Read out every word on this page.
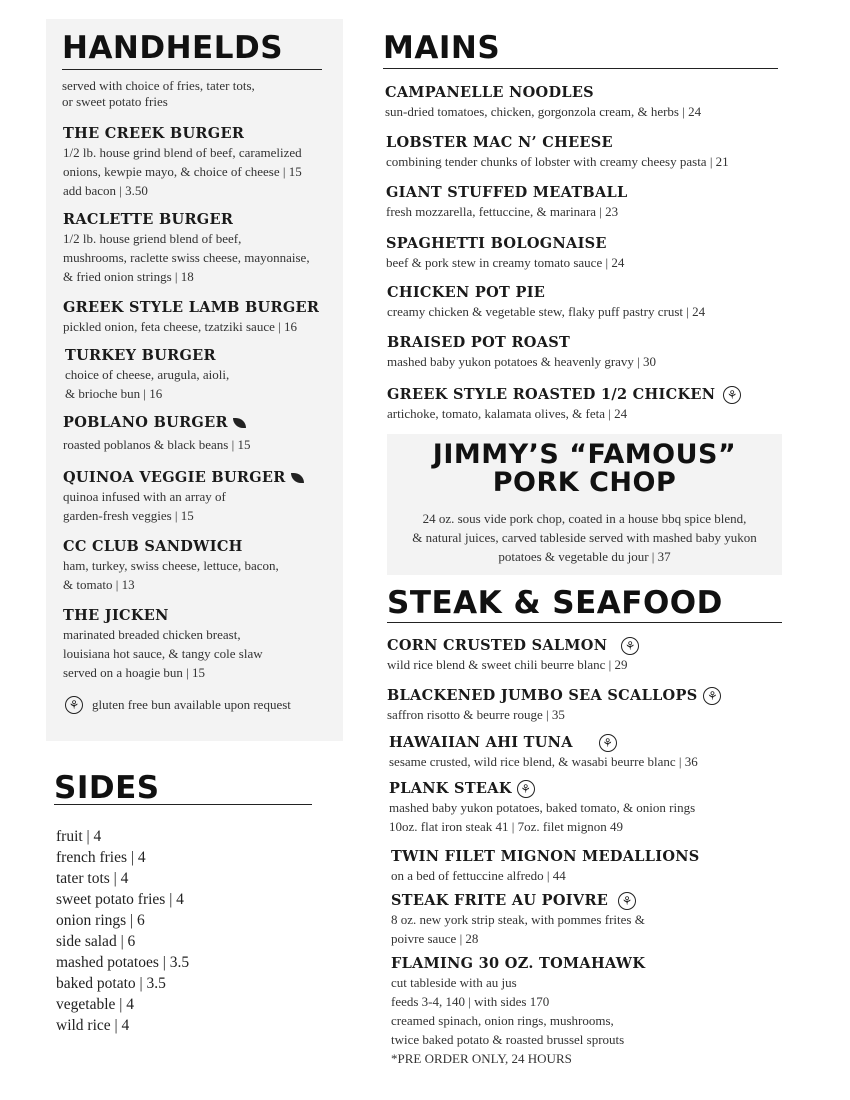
HANDHELDS

served with choice of fries, tater tots,
or sweet potato fries

THE CREEK BURGER

1/2 lb. house grind blend of beef, caramelized

onions, kewpie mayo, & choice of cheese | 15

add bacon | 3.50

RACLETTE BURGER

1/2 lb. house griend blend of beef,

mushrooms, raclette swiss cheese, mayonnaise,

& fried onion strings | 18

GREEK STYLE LAMB BURGER

pickled onion, feta cheese, tzatziki sauce | 16

TURKEY BURGER

choice of cheese, arugula, aioli,

& brioche bun | 16

POBLANO BURGER

roasted poblanos & black beans | 15

QUINOA VEGGIE BURGER

quinoa infused with an array of

garden-fresh veggies | 15

CC CLUB SANDWICH

ham, turkey, swiss cheese, lettuce, bacon,

& tomato | 13

THE JICKEN

marinated breaded chicken breast,

louisiana hot sauce, & tangy cole slaw

served on a hoagie bun | 15

⚘ gluten free bun available upon request
SIDES

fruit | 4

french fries | 4

tater tots | 4

sweet potato fries | 4

onion rings | 6

side salad | 6

mashed potatoes | 3.5

baked potato | 3.5

vegetable | 4

wild rice | 4

MAINS

CAMPANELLE NOODLES

sun-dried tomatoes, chicken, gorgonzola cream, & herbs | 24

LOBSTER MAC N’ CHEESE

combining tender chunks of lobster with creamy cheesy pasta | 21

GIANT STUFFED MEATBALL

fresh mozzarella, fettuccine, & marinara | 23

SPAGHETTI BOLOGNAISE

beef & pork stew in creamy tomato sauce | 24

CHICKEN POT PIE

creamy chicken & vegetable stew, flaky puff pastry crust | 24

BRAISED POT ROAST

mashed baby yukon potatoes & heavenly gravy | 30

GREEK STYLE ROASTED 1/2 CHICKEN ⚘

artichoke, tomato, kalamata olives, & feta | 24

JIMMY’S “FAMOUS”
PORK CHOP

24 oz. sous vide pork chop, coated in a house bbq spice blend,

& natural juices, carved tableside served with mashed baby yukon

potatoes & vegetable du jour | 37

STEAK & SEAFOOD

CORN CRUSTED SALMON ⚘

wild rice blend & sweet chili beurre blanc | 29

BLACKENED JUMBO SEA SCALLOPS ⚘

saffron risotto & beurre rouge | 35

HAWAIIAN AHI TUNA ⚘

sesame crusted, wild rice blend, & wasabi beurre blanc | 36

PLANK STEAK ⚘

mashed baby yukon potatoes, baked tomato, & onion rings

10oz. flat iron steak 41 | 7oz. filet mignon 49

TWIN FILET MIGNON MEDALLIONS

on a bed of fettuccine alfredo | 44

STEAK FRITE AU POIVRE ⚘

8 oz. new york strip steak, with pommes frites &

poivre sauce | 28

FLAMING 30 OZ. TOMAHAWK

cut tableside with au jus

feeds 3-4, 140 | with sides 170

creamed spinach, onion rings, mushrooms,

twice baked potato & roasted brussel sprouts

*PRE ORDER ONLY, 24 HOURS
